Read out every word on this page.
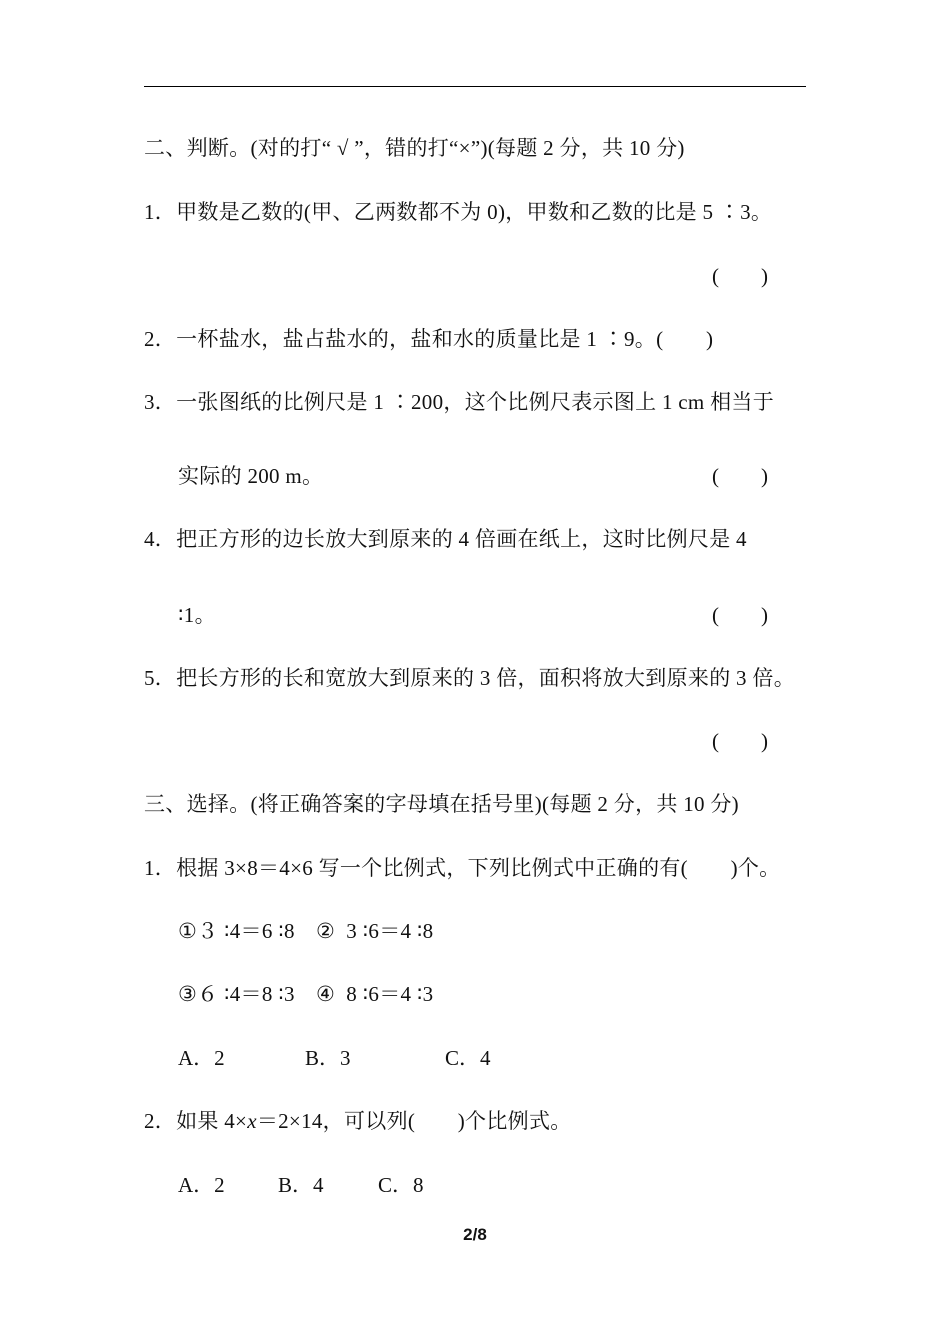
二、判断。(对的打“ √ ”，错的打“×”)(每题 2 分，共 10 分)
1．甲数是乙数的(甲、乙两数都不为 0)，甲数和乙数的比是 5 ∶3。
(　　)
2．一杯盐水，盐占盐水的，盐和水的质量比是 1 ∶9。(　　)
3．一张图纸的比例尺是 1 ∶200，这个比例尺表示图上 1 cm 相当于
实际的 200 m。	(　　)
4．把正方形的边长放大到原来的 4 倍画在纸上，这时比例尺是 4
∶1。	(　　)
5．把长方形的长和宽放大到原来的 3 倍，面积将放大到原来的 3 倍。
(　　)
三、选择。(将正确答案的字母填在括号里)(每题 2 分，共 10 分)
1．根据 3×8＝4×6 写一个比例式，下列比例式中正确的有(　　)个。
①３ ∶4＝6 ∶8　②  3 ∶6＝4 ∶8
③６ ∶4＝8 ∶3　④  8 ∶6＝4 ∶3
A．2	B．3	C．4
2．如果 4×x＝2×14，可以列(　　)个比例式。
A．2	B．4	C．8
2/8
